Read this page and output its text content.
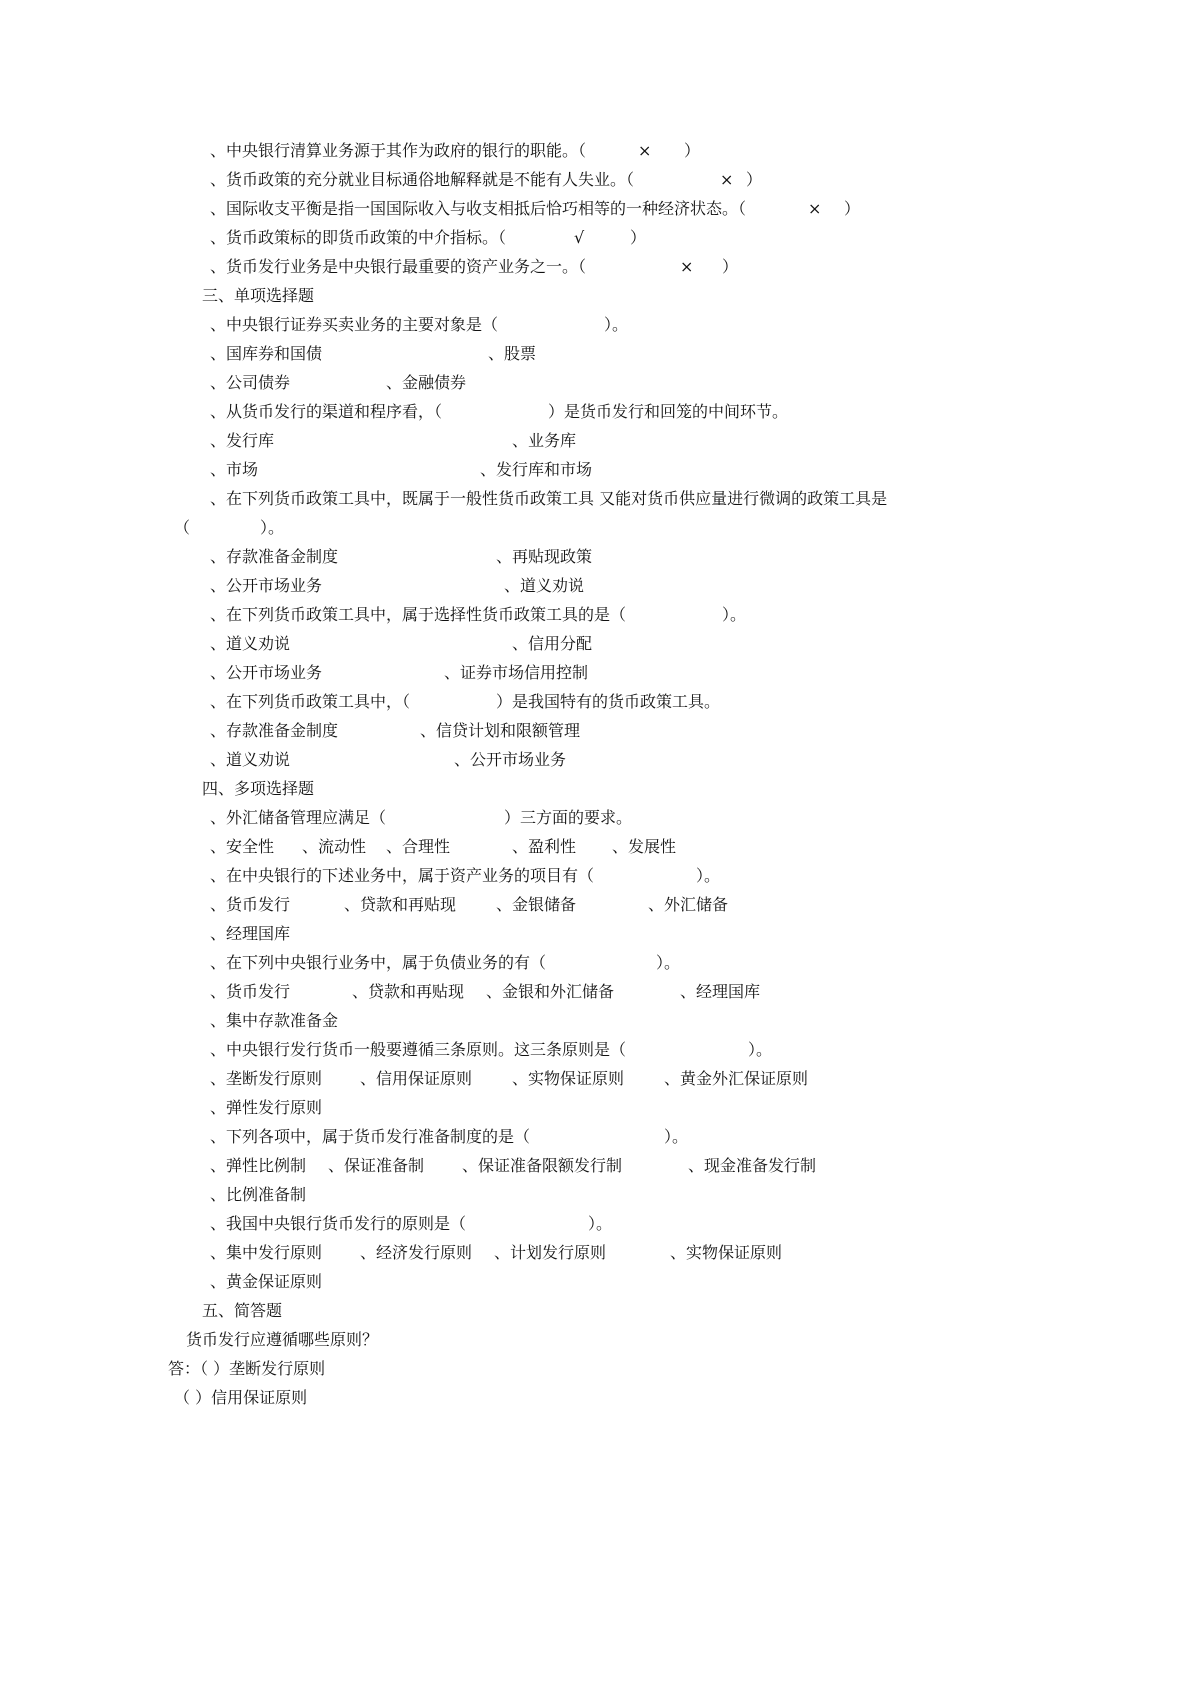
、中央银行清算业务源于其作为政府的银行的职能。（

	×

）

、货币政策的充分就业目标通俗地解释就是不能有人失业。（

	×

）

、国际收支平衡是指一国国际收入与收支相抵后恰巧相等的一种经济状态。（

	×

）

、货币政策标的即货币政策的中介指标。（

	√

	）

、货币发行业务是中央银行最重要的资产业务之一。（

	×

）

三、单项选择题

、中央银行证券买卖业务的主要对象是（

	）。

、国库券和国债

	、股票

、公司债券

	、金融债券

、从货币发行的渠道和程序看，（

	）是货币发行和回笼的中间环节。

、发行库

	、业务库

、市场

	、发行库和市场

、在下列货币政策工具中，既属于一般性货币政策工具 又能对货币供应量进行微调的政策工具是

（

	）。

、存款准备金制度

	、再贴现政策

、公开市场业务

	、道义劝说

、在下列货币政策工具中，属于选择性货币政策工具的是（

	）。

、道义劝说

	、信用分配

、公开市场业务

	、证券市场信用控制

、在下列货币政策工具中，（

	）是我国特有的货币政策工具。

、存款准备金制度

	、信贷计划和限额管理

、道义劝说

	、公开市场业务

四、多项选择题

、外汇储备管理应满足（

	）三方面的要求。

、安全性

、流动性

、合理性

	、盈利性

、发展性

、在中央银行的下述业务中，属于资产业务的项目有（

	）。

、货币发行

	、贷款和再贴现

、金银储备

	、外汇储备

、经理国库

、在下列中央银行业务中，属于负债业务的有（

	）。

、货币发行

	、贷款和再贴现

、金银和外汇储备

	、经理国库

、集中存款准备金

、中央银行发行货币一般要遵循三条原则。这三条原则是（

	）。

、垄断发行原则

、信用保证原则

、实物保证原则

、黄金外汇保证原则

、弹性发行原则

、下列各项中，属于货币发行准备制度的是（

	）。

、弹性比例制

、保证准备制

、保证准备限额发行制

	、现金准备发行制

、比例准备制

、我国中央银行货币发行的原则是（

	）。

、集中发行原则

、经济发行原则

、计划发行原则

	、实物保证原则

、黄金保证原则
五、简答题
货币发行应遵循哪些原则？
答：（ ）垄断发行原则
（ ）信用保证原则
